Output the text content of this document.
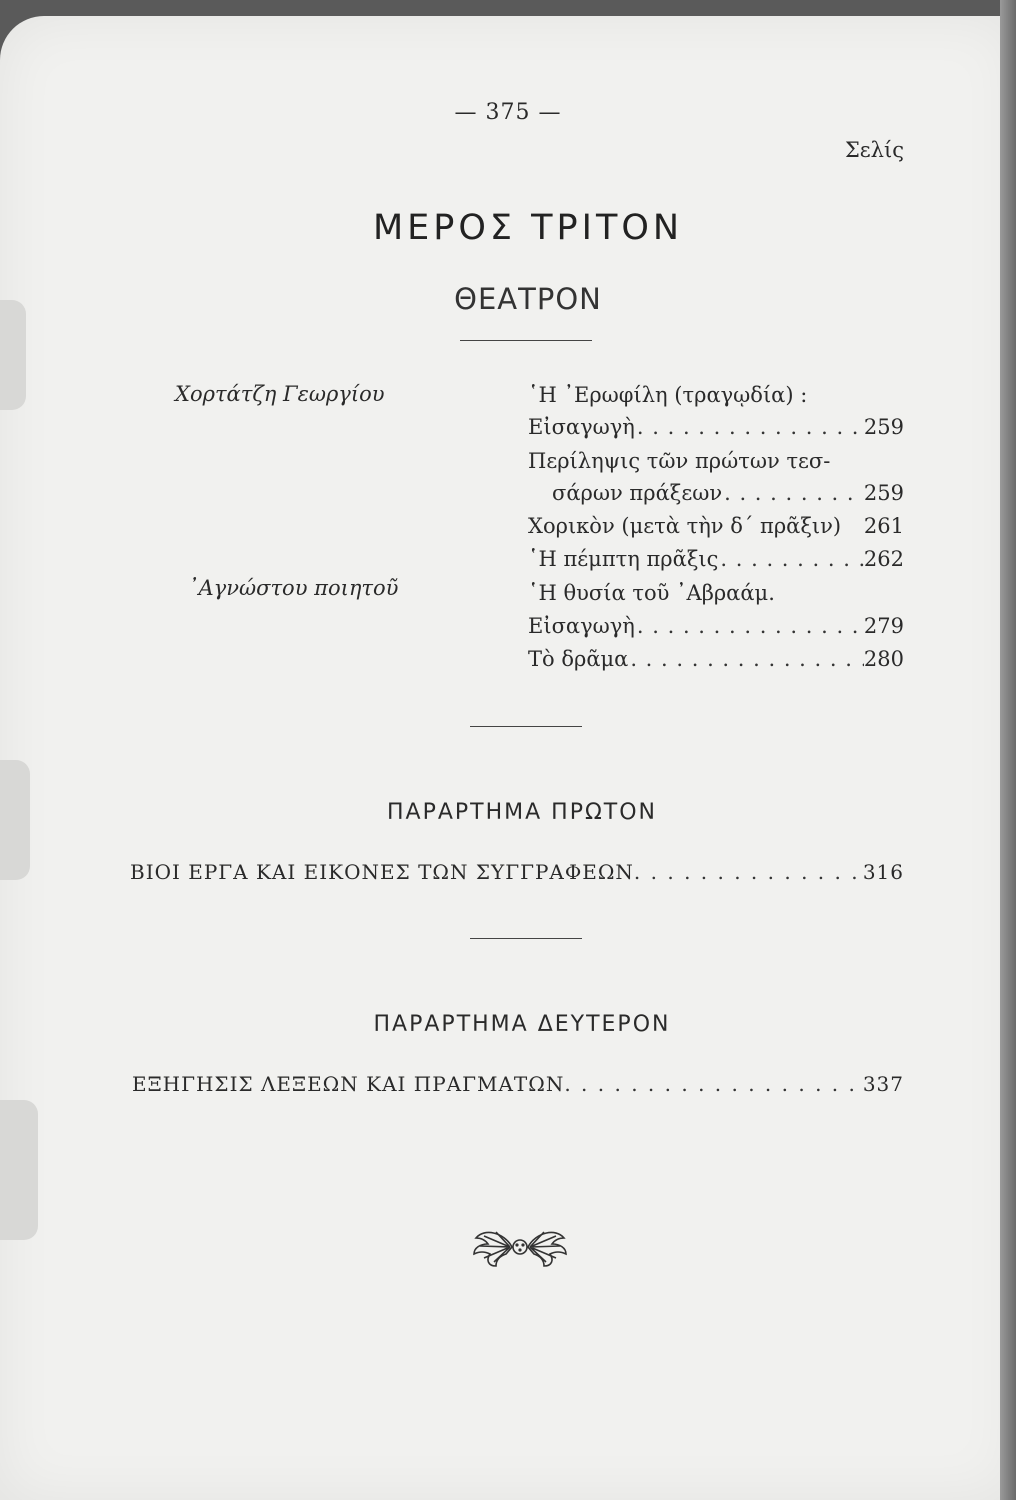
— 375 —
Σελίς
ΜΕΡΟΣ ΤΡΙΤΟΝ
ΘΕΑΤΡΟΝ
Χορτάτζη Γεωργίου
᾿Αγνώστου ποιητοῦ
῾Η ᾿Ερωφίλη (τραγῳδία) :
Εἰσαγωγὴ . . .	259
Περίληψις τῶν πρώτων τεσ-
σάρων πράξεων . . .	259
Χορικὸν (μετὰ τὴν δ΄ πρᾶξιν) 261
῾Η πέμπτη πρᾶξις . . .	262
῾Η θυσία τοῦ ᾿Αβραάμ.
Εἰσαγωγὴ . . .	279
Τὸ δρᾶμα . . .	280
ΠΑΡΑΡΤΗΜΑ ΠΡΩΤΟΝ
ΒΙΟΙ ΕΡΓΑ ΚΑΙ ΕΙΚΟΝΕΣ ΤΩΝ ΣΥΓΓΡΑΦΕΩΝ . . .	316
ΠΑΡΑΡΤΗΜΑ ΔΕΥΤΕΡΟΝ
ΕΞΗΓΗΣΙΣ ΛΕΞΕΩΝ ΚΑΙ ΠΡΑΓΜΑΤΩΝ . . .	337
